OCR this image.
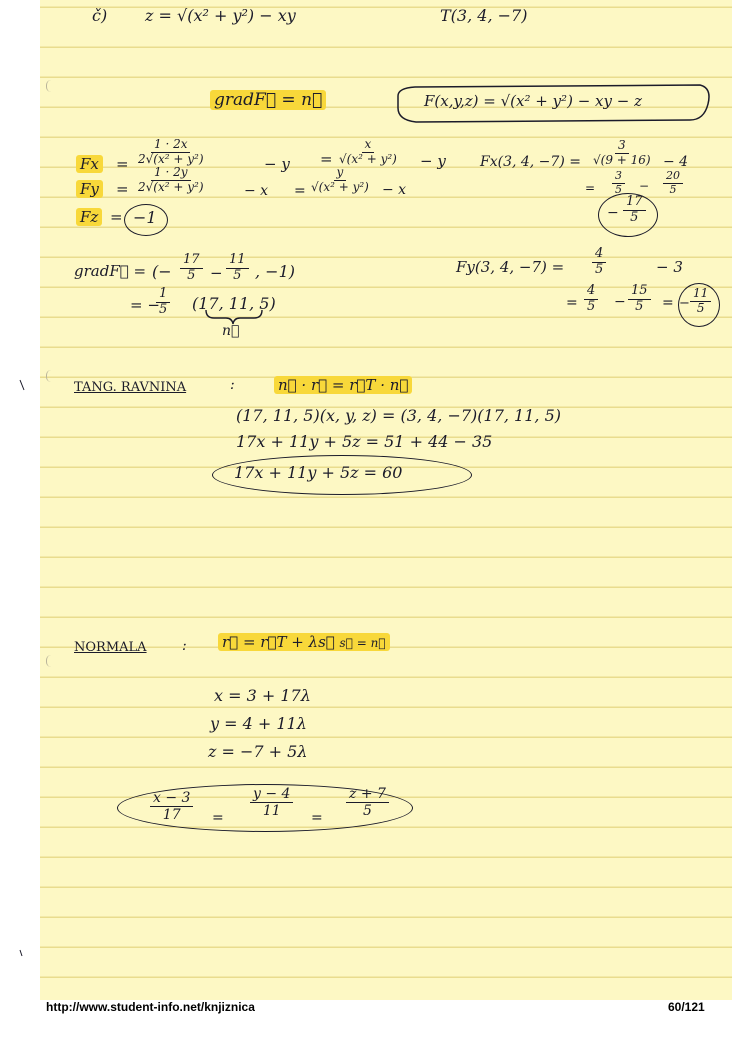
č) z = √(x² + y²) − xy	T(3, 4, −7)
gradF⃗ = n⃗	F(x,y,z) = √(x² + y²) − xy − z
$Fx = \frac{1 \cdot 2x}{\text{2√(x² + y²)}}$	− $y = \frac{x}{\text{√(x² + y²)}} - y$ Fx(3, 4, $-7) = \frac{3}{√(9 + 16)} - 4$
= $\frac{3}{5} - \frac{20}{5}$
− $\frac{17}{5}$
$Fy = \frac{1 \cdot 2y}{\text{2√(x² + y²)}}$	− $x = \frac{y}{\text{√(x² + y²)}} - x$
Fz = −1
gradF⃗ = (− $\frac{17}{5} - \frac{11}{5}$ , −1)
= −
$\frac{1}{5} (17$, 11, 5)
n⃗
Fy(3, 4, $-7) = \frac{4}{5}$	− 3
= $\frac{4}{5} - \frac{15}{5}$ = − $\frac{11}{5}$
TANG. RAVNINA	:	n⃗ · r⃗ = r⃗T · n⃗
(17, 11, 5)(x, y, z) = (3, 4, −7)(17, 11, 5)
17x + 11y + 5z = 51 + 44 − 35
17x + 11y + 5z = 60
NORMALA	: r⃗ = r⃗T + λs⃗ s⃗ = n⃗
x = 3 + 17λ
y = 4 + 11λ
z = −7 + 5λ
$\frac{x - 3}{17} = \frac{y - 4}{11} = \frac{z + 7}{5}$
http://www.student-info.net/knjiznica	60/121
